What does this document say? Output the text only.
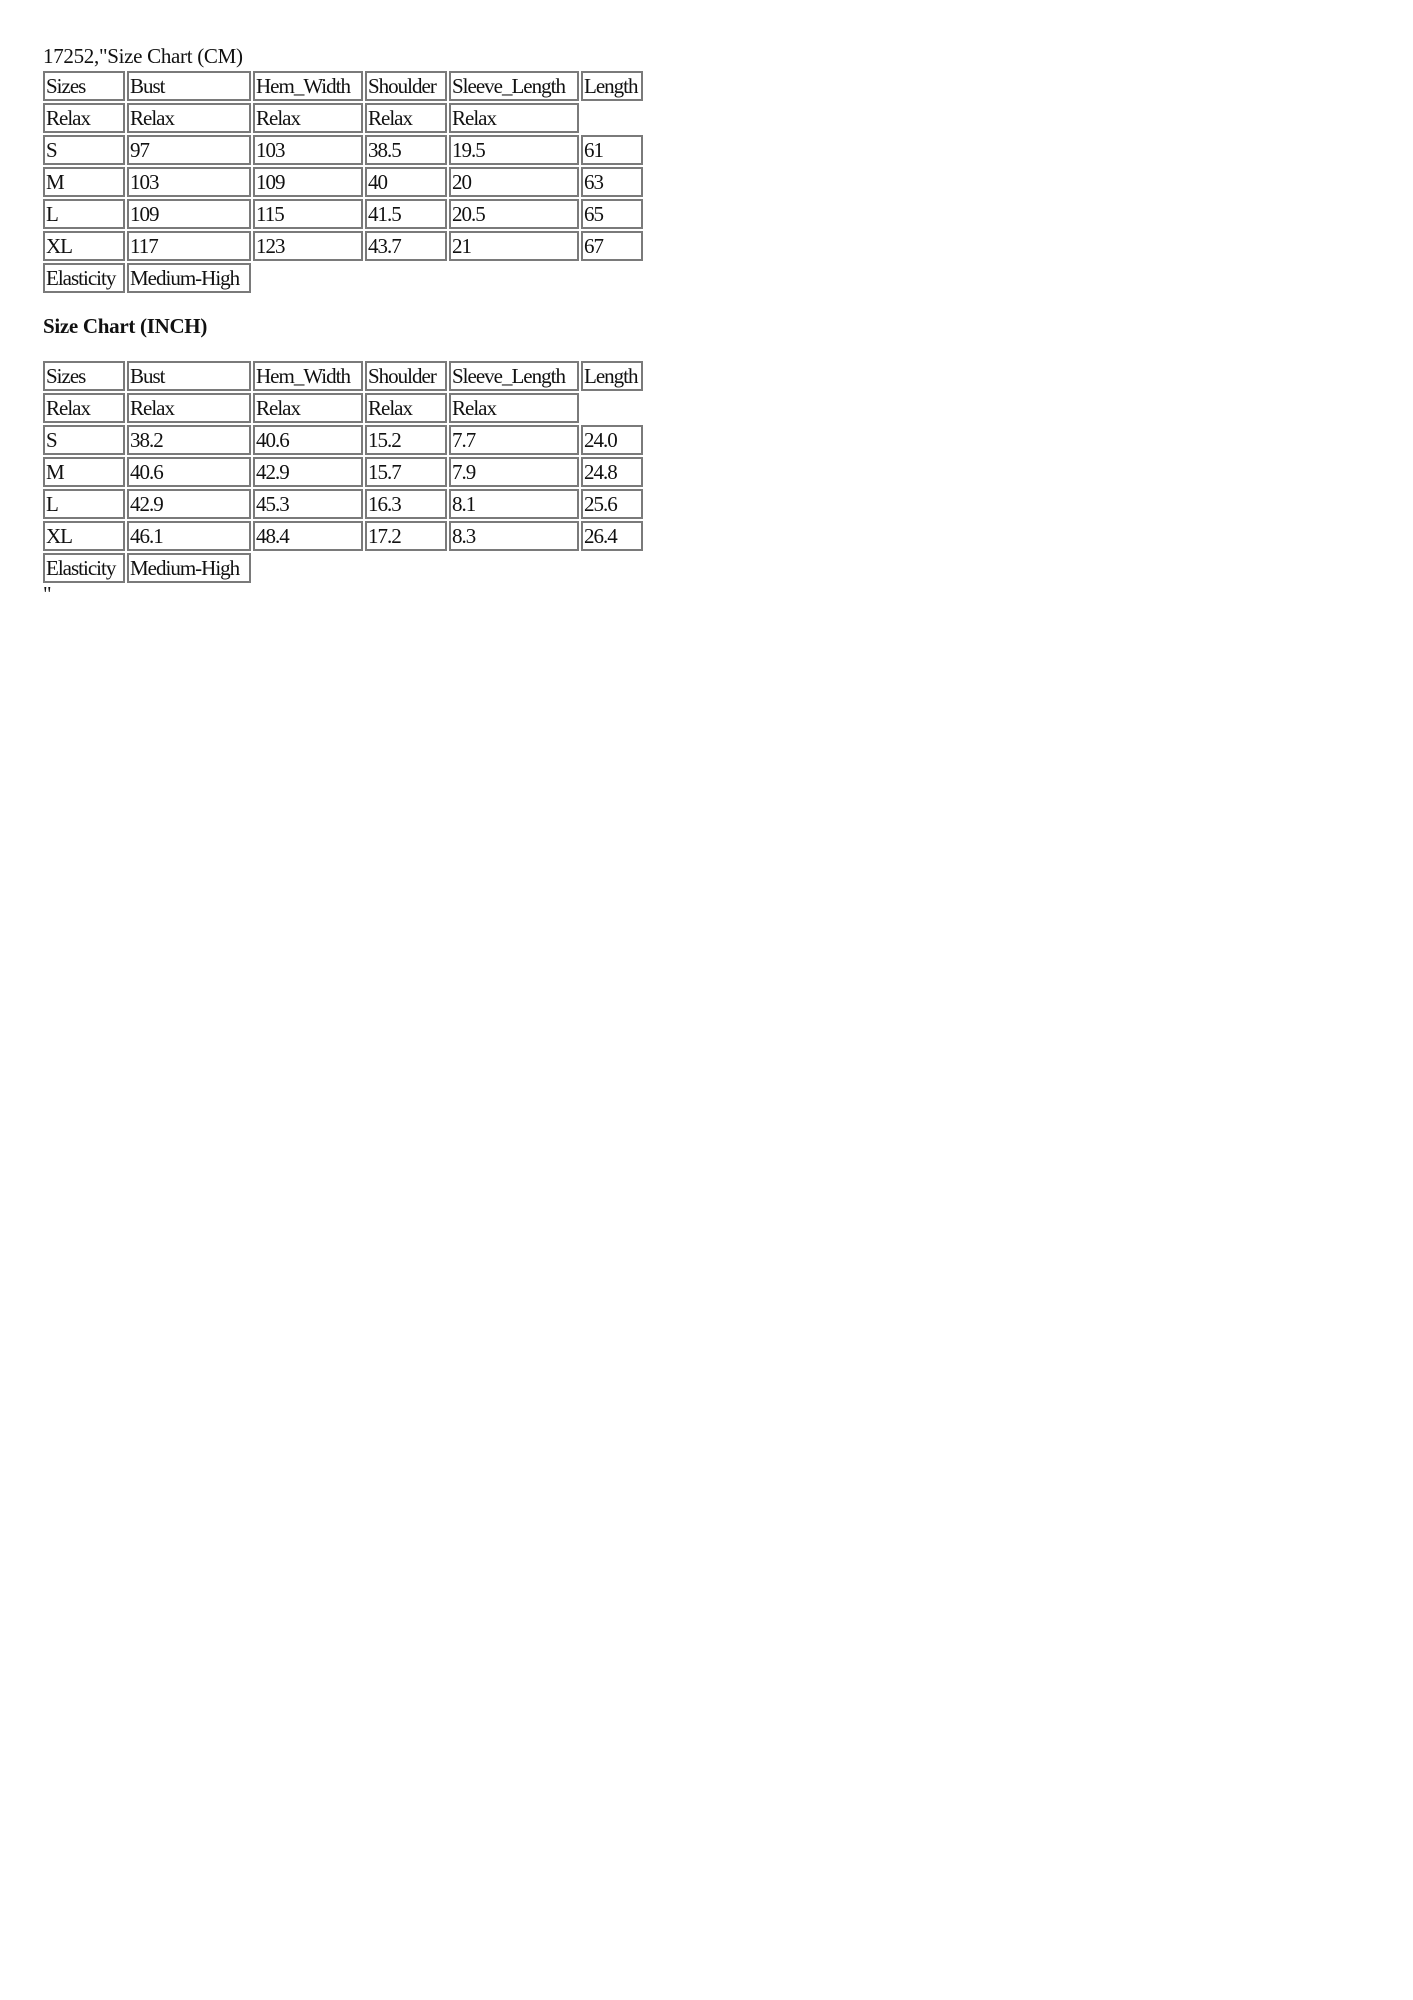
17252,"Size Chart (CM)

Sizes	Bust	Hem_Width	Shoulder	Sleeve_Length	Length
Relax	Relax	Relax	Relax	Relax	
S	97	103	38.5	19.5	61
M	103	109	40	20	63
L	109	115	41.5	20.5	65
XL	117	123	43.7	21	67
Elasticity	Medium-High				

Size Chart (INCH)

Sizes	Bust	Hem_Width	Shoulder	Sleeve_Length	Length
Relax	Relax	Relax	Relax	Relax	
S	38.2	40.6	15.2	7.7	24.0
M	40.6	42.9	15.7	7.9	24.8
L	42.9	45.3	16.3	8.1	25.6
XL	46.1	48.4	17.2	8.3	26.4
Elasticity	Medium-High				

"
